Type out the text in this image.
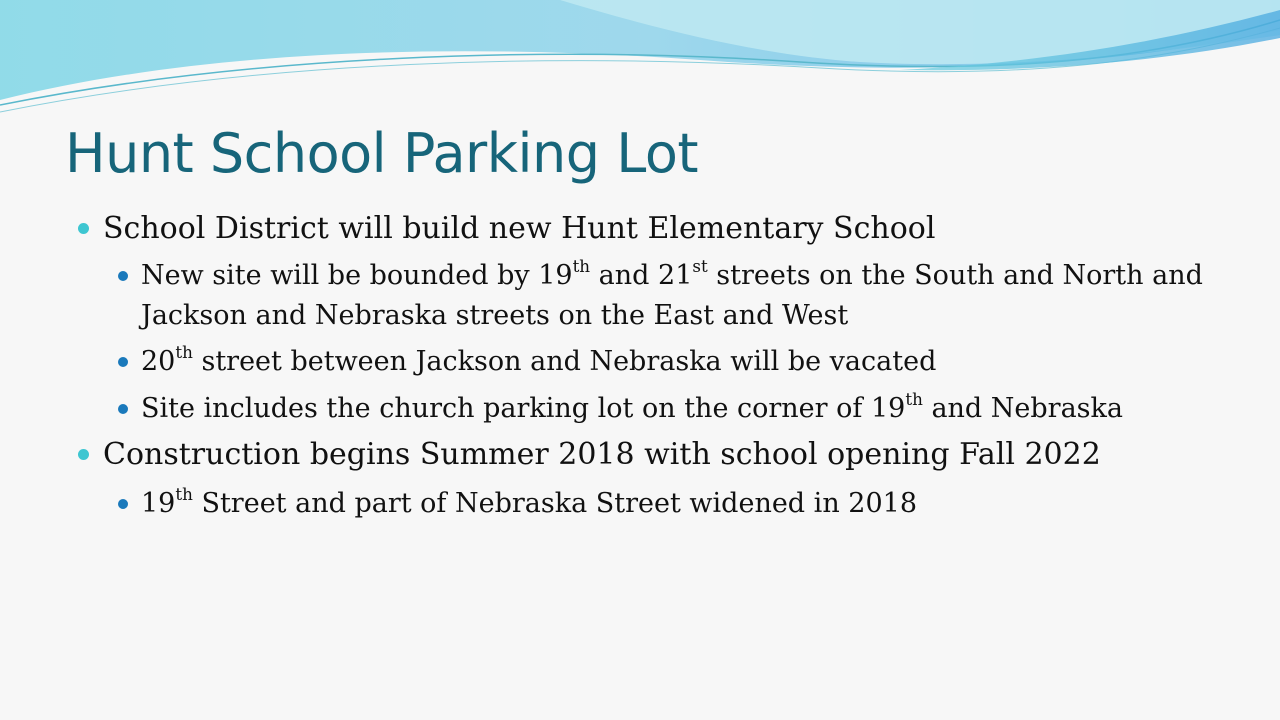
Hunt School Parking Lot
School District will build new Hunt Elementary School
New site will be bounded by 19th and 21st streets on the South and North and
Jackson and Nebraska streets on the East and West
20th street between Jackson and Nebraska will be vacated
Site includes the church parking lot on the corner of 19th and Nebraska
Construction begins Summer 2018 with school opening Fall 2022
19th Street and part of Nebraska Street widened in 2018
